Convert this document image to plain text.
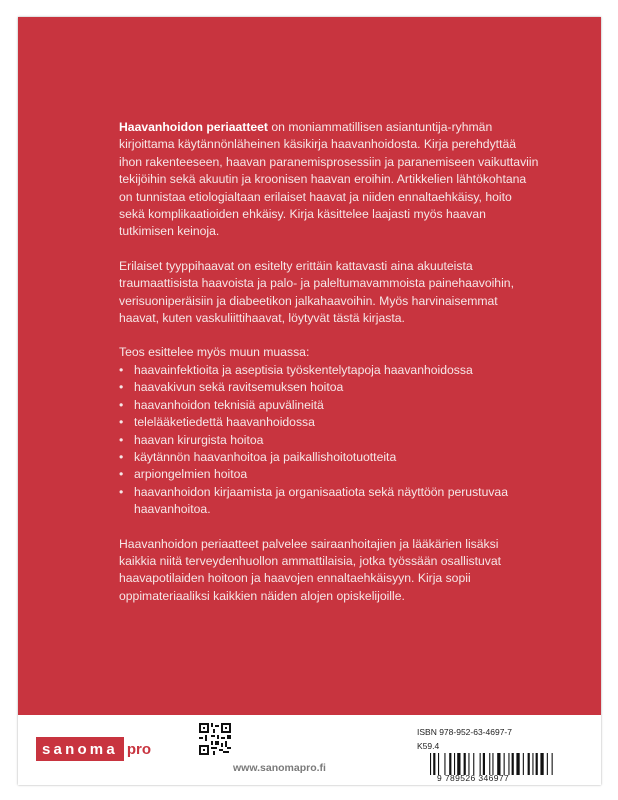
Haavanhoidon periaatteet on moniammatillisen asiantuntija-ryhmän kirjoittama käytännönläheinen käsikirja haavanhoidosta. Kirja perehdyttää ihon rakenteeseen, haavan paranemisprosessiin ja paranemiseen vaikuttaviin tekijöihin sekä akuutin ja kroonisen haavan eroihin. Artikkelien lähtökohtana on tunnistaa etiologialtaan erilaiset haavat ja niiden ennaltaehkäisy, hoito sekä komplikaatioiden ehkäisy. Kirja käsittelee laajasti myös haavan tutkimisen keinoja.

Erilaiset tyyppihaavat on esitelty erittäin kattavasti aina akuuteista traumaattisista haavoista ja palo- ja paleltumavammoista painehaavoihin, verisuoniperäisiin ja diabeetikon jalkahaavoihin. Myös harvinaisemmat haavat, kuten vaskuliittihaavat, löytyvät tästä kirjasta.

Teos esittelee myös muun muassa:

• haavainfektioita ja aseptisia työskentelytapoja haavanhoidossa
• haavakivun sekä ravitsemuksen hoitoa
• haavanhoidon teknisiä apuvälineitä
• telelääketiedettä haavanhoidossa
• haavan kirurgista hoitoa
• käytännön haavanhoitoa ja paikallishoitotuotteita
• arpiongelmien hoitoa
• haavanhoidon kirjaamista ja organisaatiota sekä näyttöön perustuvaa haavanhoitoa.

Haavanhoidon periaatteet palvelee sairaanhoitajien ja lääkärien lisäksi kaikkia niitä terveydenhuollon ammattilaisia, jotka työssään osallistuvat haavapotilaiden hoitoon ja haavojen ennaltaehkäisyyn. Kirja sopii oppimateriaaliksi kaikkien näiden alojen opiskelijoille.

sanoma pro
www.sanomapro.fi
ISBN 978-952-63-4697-7
K59.4
9 789526 346977
